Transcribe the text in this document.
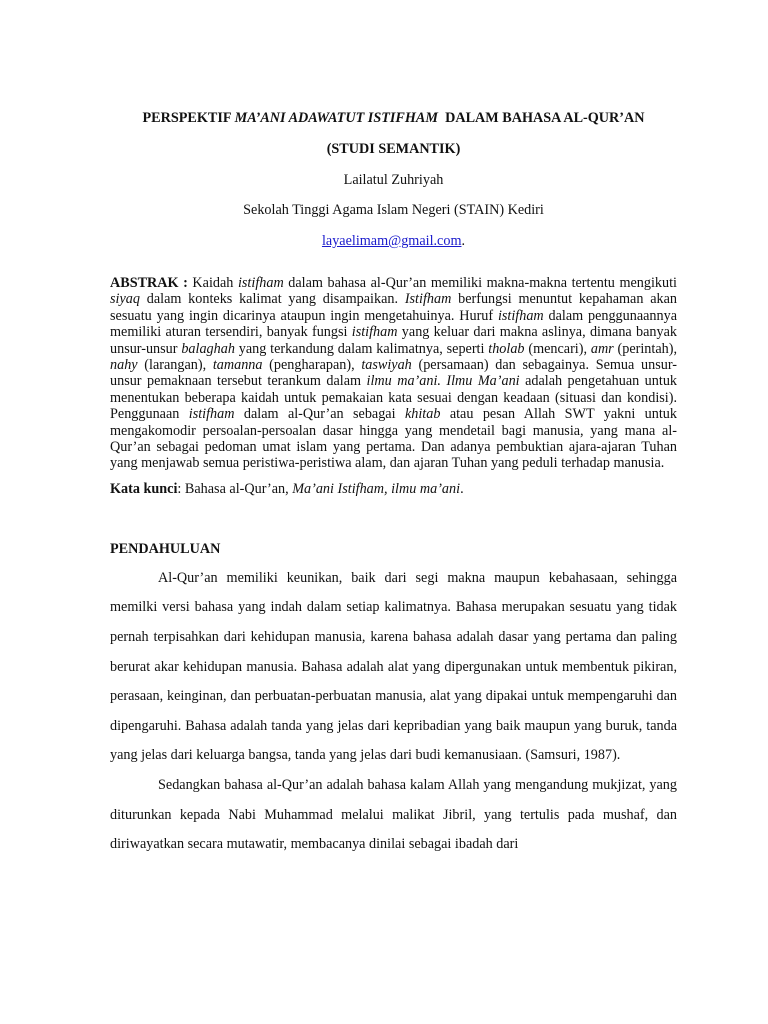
PERSPEKTIF MA’ANI ADAWATUT ISTIFHAM  DALAM BAHASA AL-QUR’AN

(STUDI SEMANTIK)

Lailatul Zuhriyah

Sekolah Tinggi Agama Islam Negeri (STAIN) Kediri

layaelimam@gmail.com.

ABSTRAK : Kaidah istifham dalam bahasa al-Qur’an memiliki makna-makna tertentu mengikuti siyaq dalam konteks kalimat yang disampaikan. Istifham berfungsi menuntut kepahaman akan sesuatu yang ingin dicarinya ataupun ingin mengetahuinya. Huruf istifham dalam penggunaannya memiliki aturan tersendiri, banyak fungsi istifham yang keluar dari makna aslinya, dimana banyak unsur-unsur balaghah yang terkandung dalam kalimatnya, seperti tholab (mencari), amr (perintah), nahy (larangan), tamanna (pengharapan), taswiyah (persamaan) dan sebagainya. Semua unsur-unsur pemaknaan tersebut terankum dalam ilmu ma’ani. Ilmu Ma’ani adalah pengetahuan untuk menentukan beberapa kaidah untuk pemakaian kata sesuai dengan keadaan (situasi dan kondisi). Penggunaan istifham dalam al-Qur’an sebagai khitab atau pesan Allah SWT yakni untuk mengakomodir persoalan-persoalan dasar hingga yang mendetail bagi manusia, yang mana al-Qur’an sebagai pedoman umat islam yang pertama. Dan adanya pembuktian ajara-ajaran Tuhan yang menjawab semua peristiwa-peristiwa alam, dan ajaran Tuhan yang peduli terhadap manusia.

Kata kunci: Bahasa al-Qur’an, Ma’ani Istifham, ilmu ma’ani.

PENDAHULUAN

Al-Qur’an memiliki keunikan, baik dari segi makna maupun kebahasaan, sehingga memilki versi bahasa yang indah dalam setiap kalimatnya. Bahasa merupakan sesuatu yang tidak pernah terpisahkan dari kehidupan manusia, karena bahasa adalah dasar yang pertama dan paling berurat akar kehidupan manusia. Bahasa adalah alat yang dipergunakan untuk membentuk pikiran, perasaan, keinginan, dan perbuatan-perbuatan manusia, alat yang dipakai untuk mempengaruhi dan dipengaruhi. Bahasa adalah tanda yang jelas dari kepribadian yang baik maupun yang buruk, tanda yang jelas dari keluarga bangsa, tanda yang jelas dari budi kemanusiaan. (Samsuri, 1987).

Sedangkan bahasa al-Qur’an adalah bahasa kalam Allah yang mengandung mukjizat, yang diturunkan kepada Nabi Muhammad melalui malikat Jibril, yang tertulis pada mushaf, dan diriwayatkan secara mutawatir, membacanya dinilai sebagai ibadah dari
